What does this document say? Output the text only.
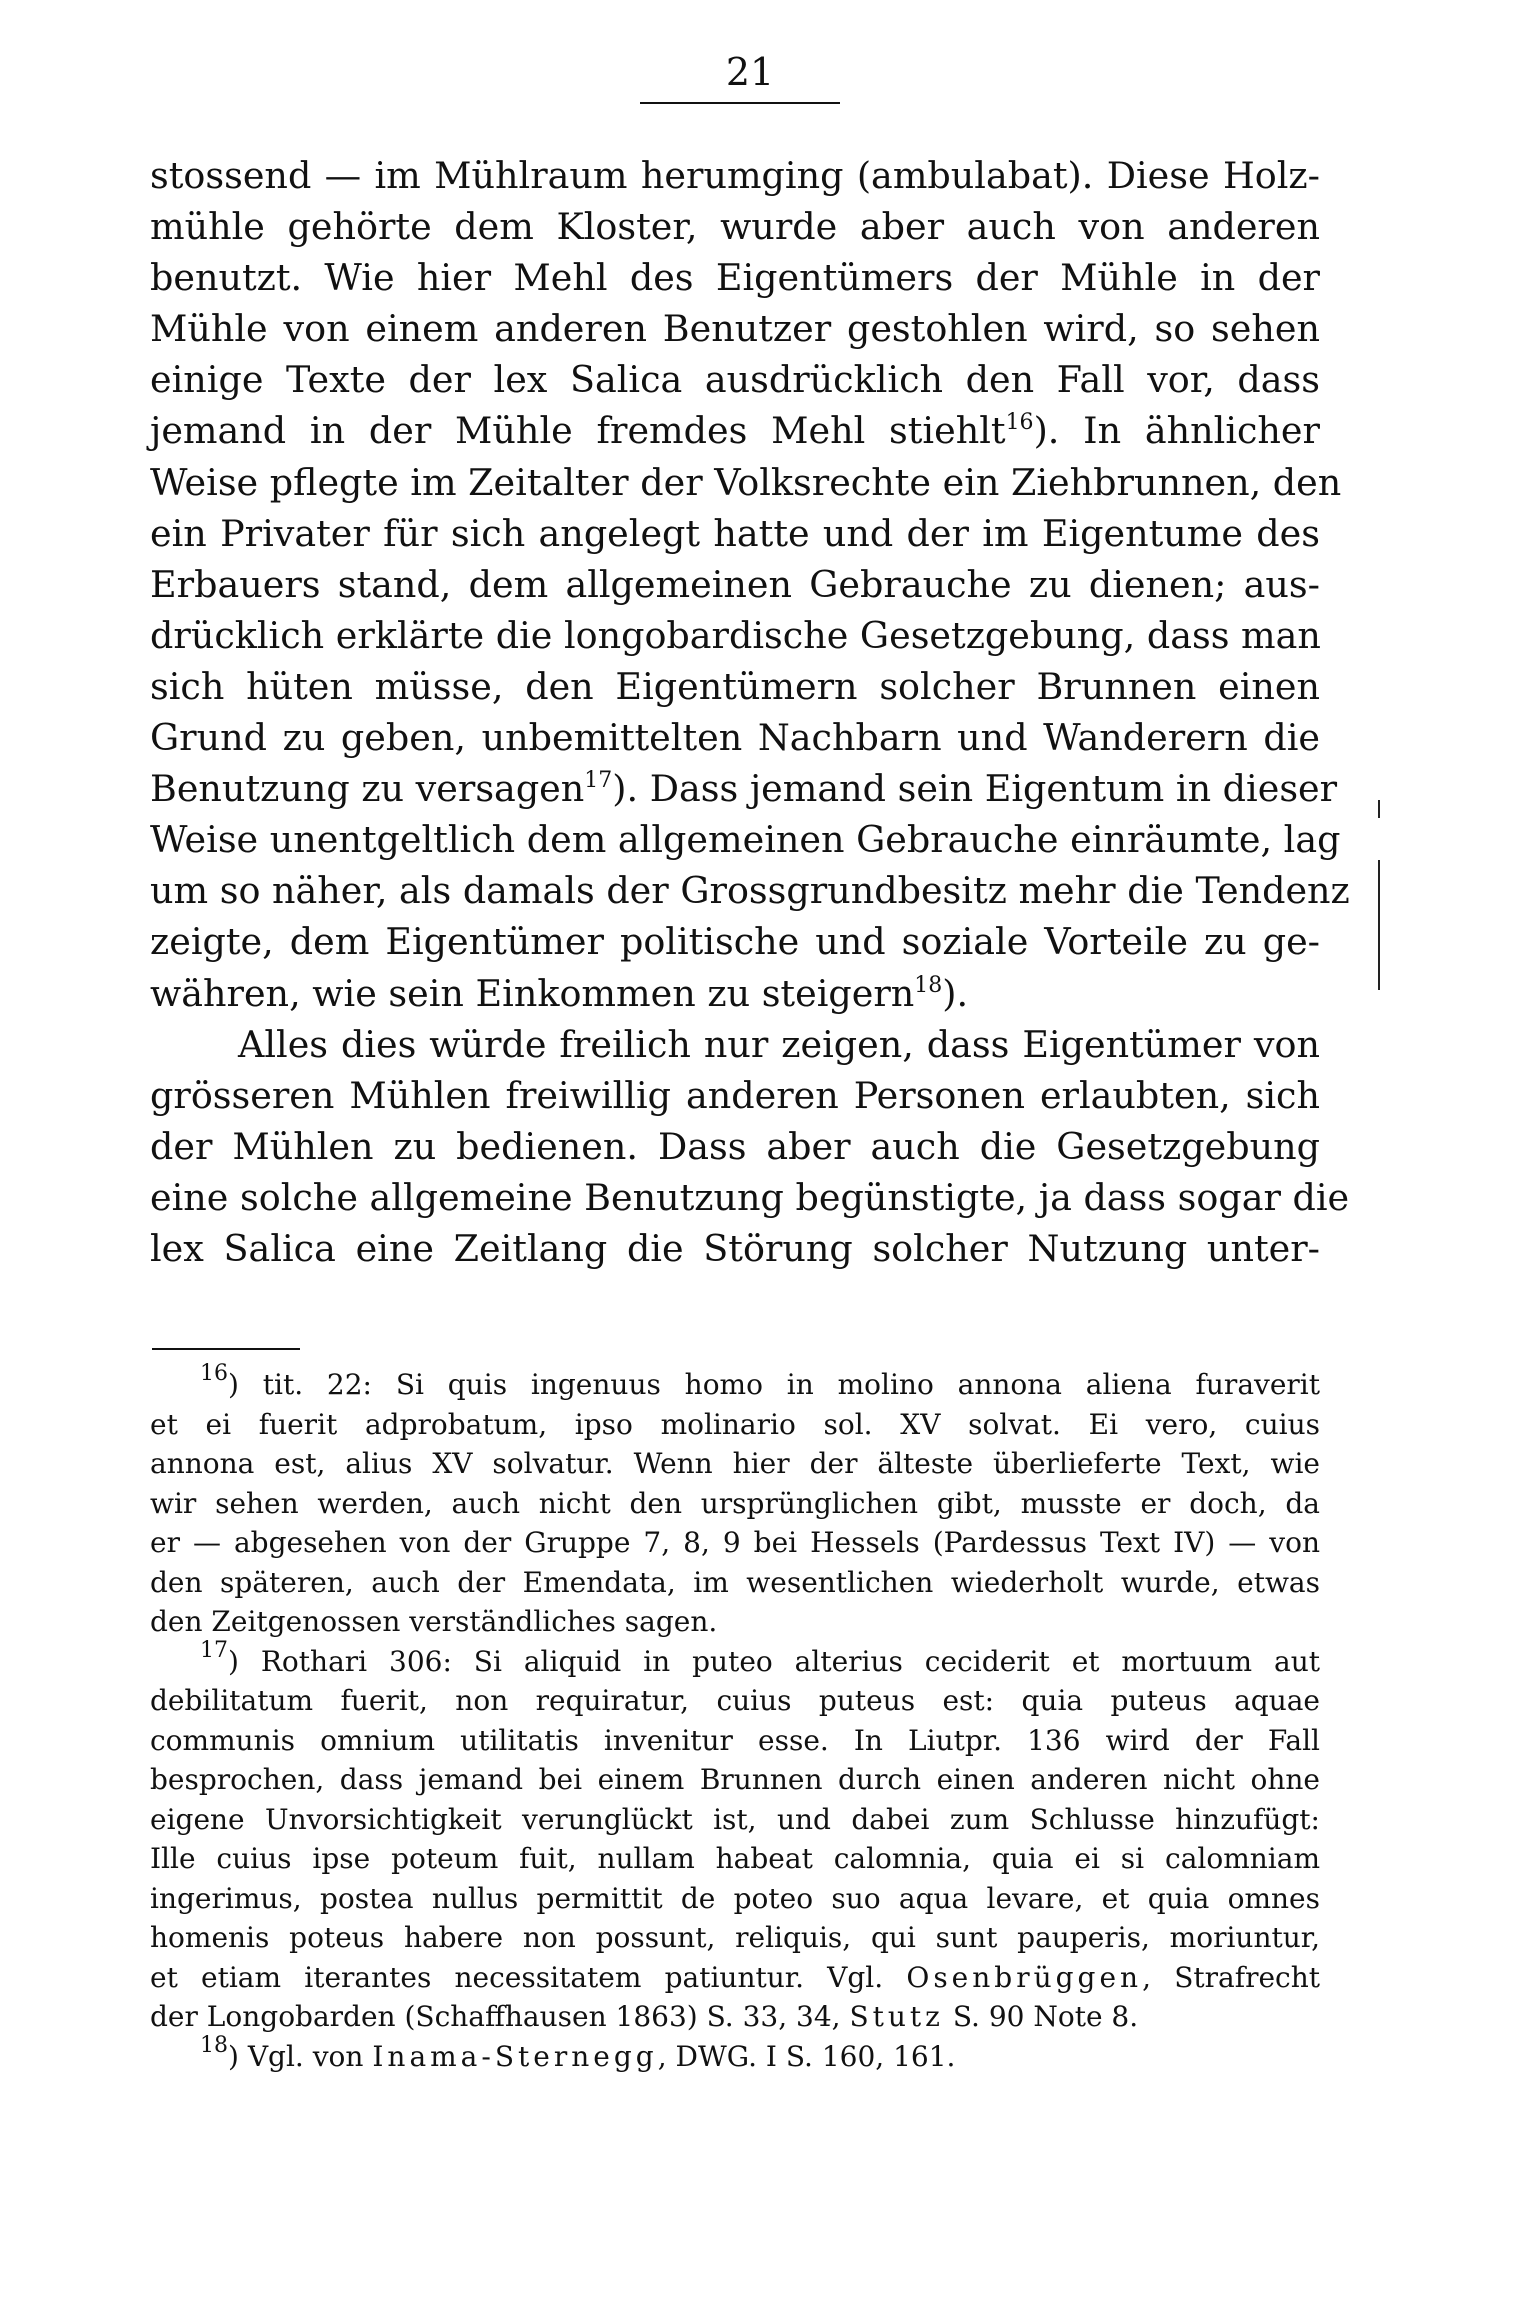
21
stossend — im Mühlraum herumging (ambulabat). Diese Holz-
mühle gehörte dem Kloster, wurde aber auch von anderen
benutzt. Wie hier Mehl des Eigentümers der Mühle in der
Mühle von einem anderen Benutzer gestohlen wird, so sehen
einige Texte der lex Salica ausdrücklich den Fall vor, dass
jemand in der Mühle fremdes Mehl stiehlt$^{16}$). In ähnlicher
Weise pflegte im Zeitalter der Volksrechte ein Ziehbrunnen, den
ein Privater für sich angelegt hatte und der im Eigentume des
Erbauers stand, dem allgemeinen Gebrauche zu dienen; aus-
drücklich erklärte die longobardische Gesetzgebung, dass man
sich hüten müsse, den Eigentümern solcher Brunnen einen
Grund zu geben, unbemittelten Nachbarn und Wanderern die
Benutzung zu versagen$^{17}$). Dass jemand sein Eigentum in dieser
Weise unentgeltlich dem allgemeinen Gebrauche einräumte, lag
um so näher, als damals der Grossgrundbesitz mehr die Tendenz
zeigte, dem Eigentümer politische und soziale Vorteile zu ge-
währen, wie sein Einkommen zu steigern$^{18}$).
Alles dies würde freilich nur zeigen, dass Eigentümer von
grösseren Mühlen freiwillig anderen Personen erlaubten, sich
der Mühlen zu bedienen. Dass aber auch die Gesetzgebung
eine solche allgemeine Benutzung begünstigte, ja dass sogar die
lex Salica eine Zeitlang die Störung solcher Nutzung unter-
$^{16}$) tit. 22: Si quis ingenuus homo in molino annona aliena furaverit
et ei fuerit adprobatum, ipso molinario sol. XV solvat. Ei vero, cuius
annona est, alius XV solvatur. Wenn hier der älteste überlieferte Text, wie
wir sehen werden, auch nicht den ursprünglichen gibt, musste er doch, da
er — abgesehen von der Gruppe 7, 8, 9 bei Hessels (Pardessus Text IV) — von
den späteren, auch der Emendata, im wesentlichen wiederholt wurde, etwas
den Zeitgenossen verständliches sagen.
$^{17}$) Rothari 306: Si aliquid in puteo alterius ceciderit et mortuum aut
debilitatum fuerit, non requiratur, cuius puteus est: quia puteus aquae
communis omnium utilitatis invenitur esse. In Liutpr. 136 wird der Fall
besprochen, dass jemand bei einem Brunnen durch einen anderen nicht ohne
eigene Unvorsichtigkeit verunglückt ist, und dabei zum Schlusse hinzufügt:
Ille cuius ipse poteum fuit, nullam habeat calomnia, quia ei si calomniam
ingerimus, postea nullus permittit de poteo suo aqua levare, et quia omnes
homenis poteus habere non possunt, reliquis, qui sunt pauperis, moriuntur,
et etiam iterantes necessitatem patiuntur. Vgl. Osenbrüggen, Strafrecht
der Longobarden (Schaffhausen 1863) S. 33, 34, Stutz S. 90 Note 8.
$^{18}$) Vgl. von Inama-Sternegg, DWG. I S. 160, 161.
